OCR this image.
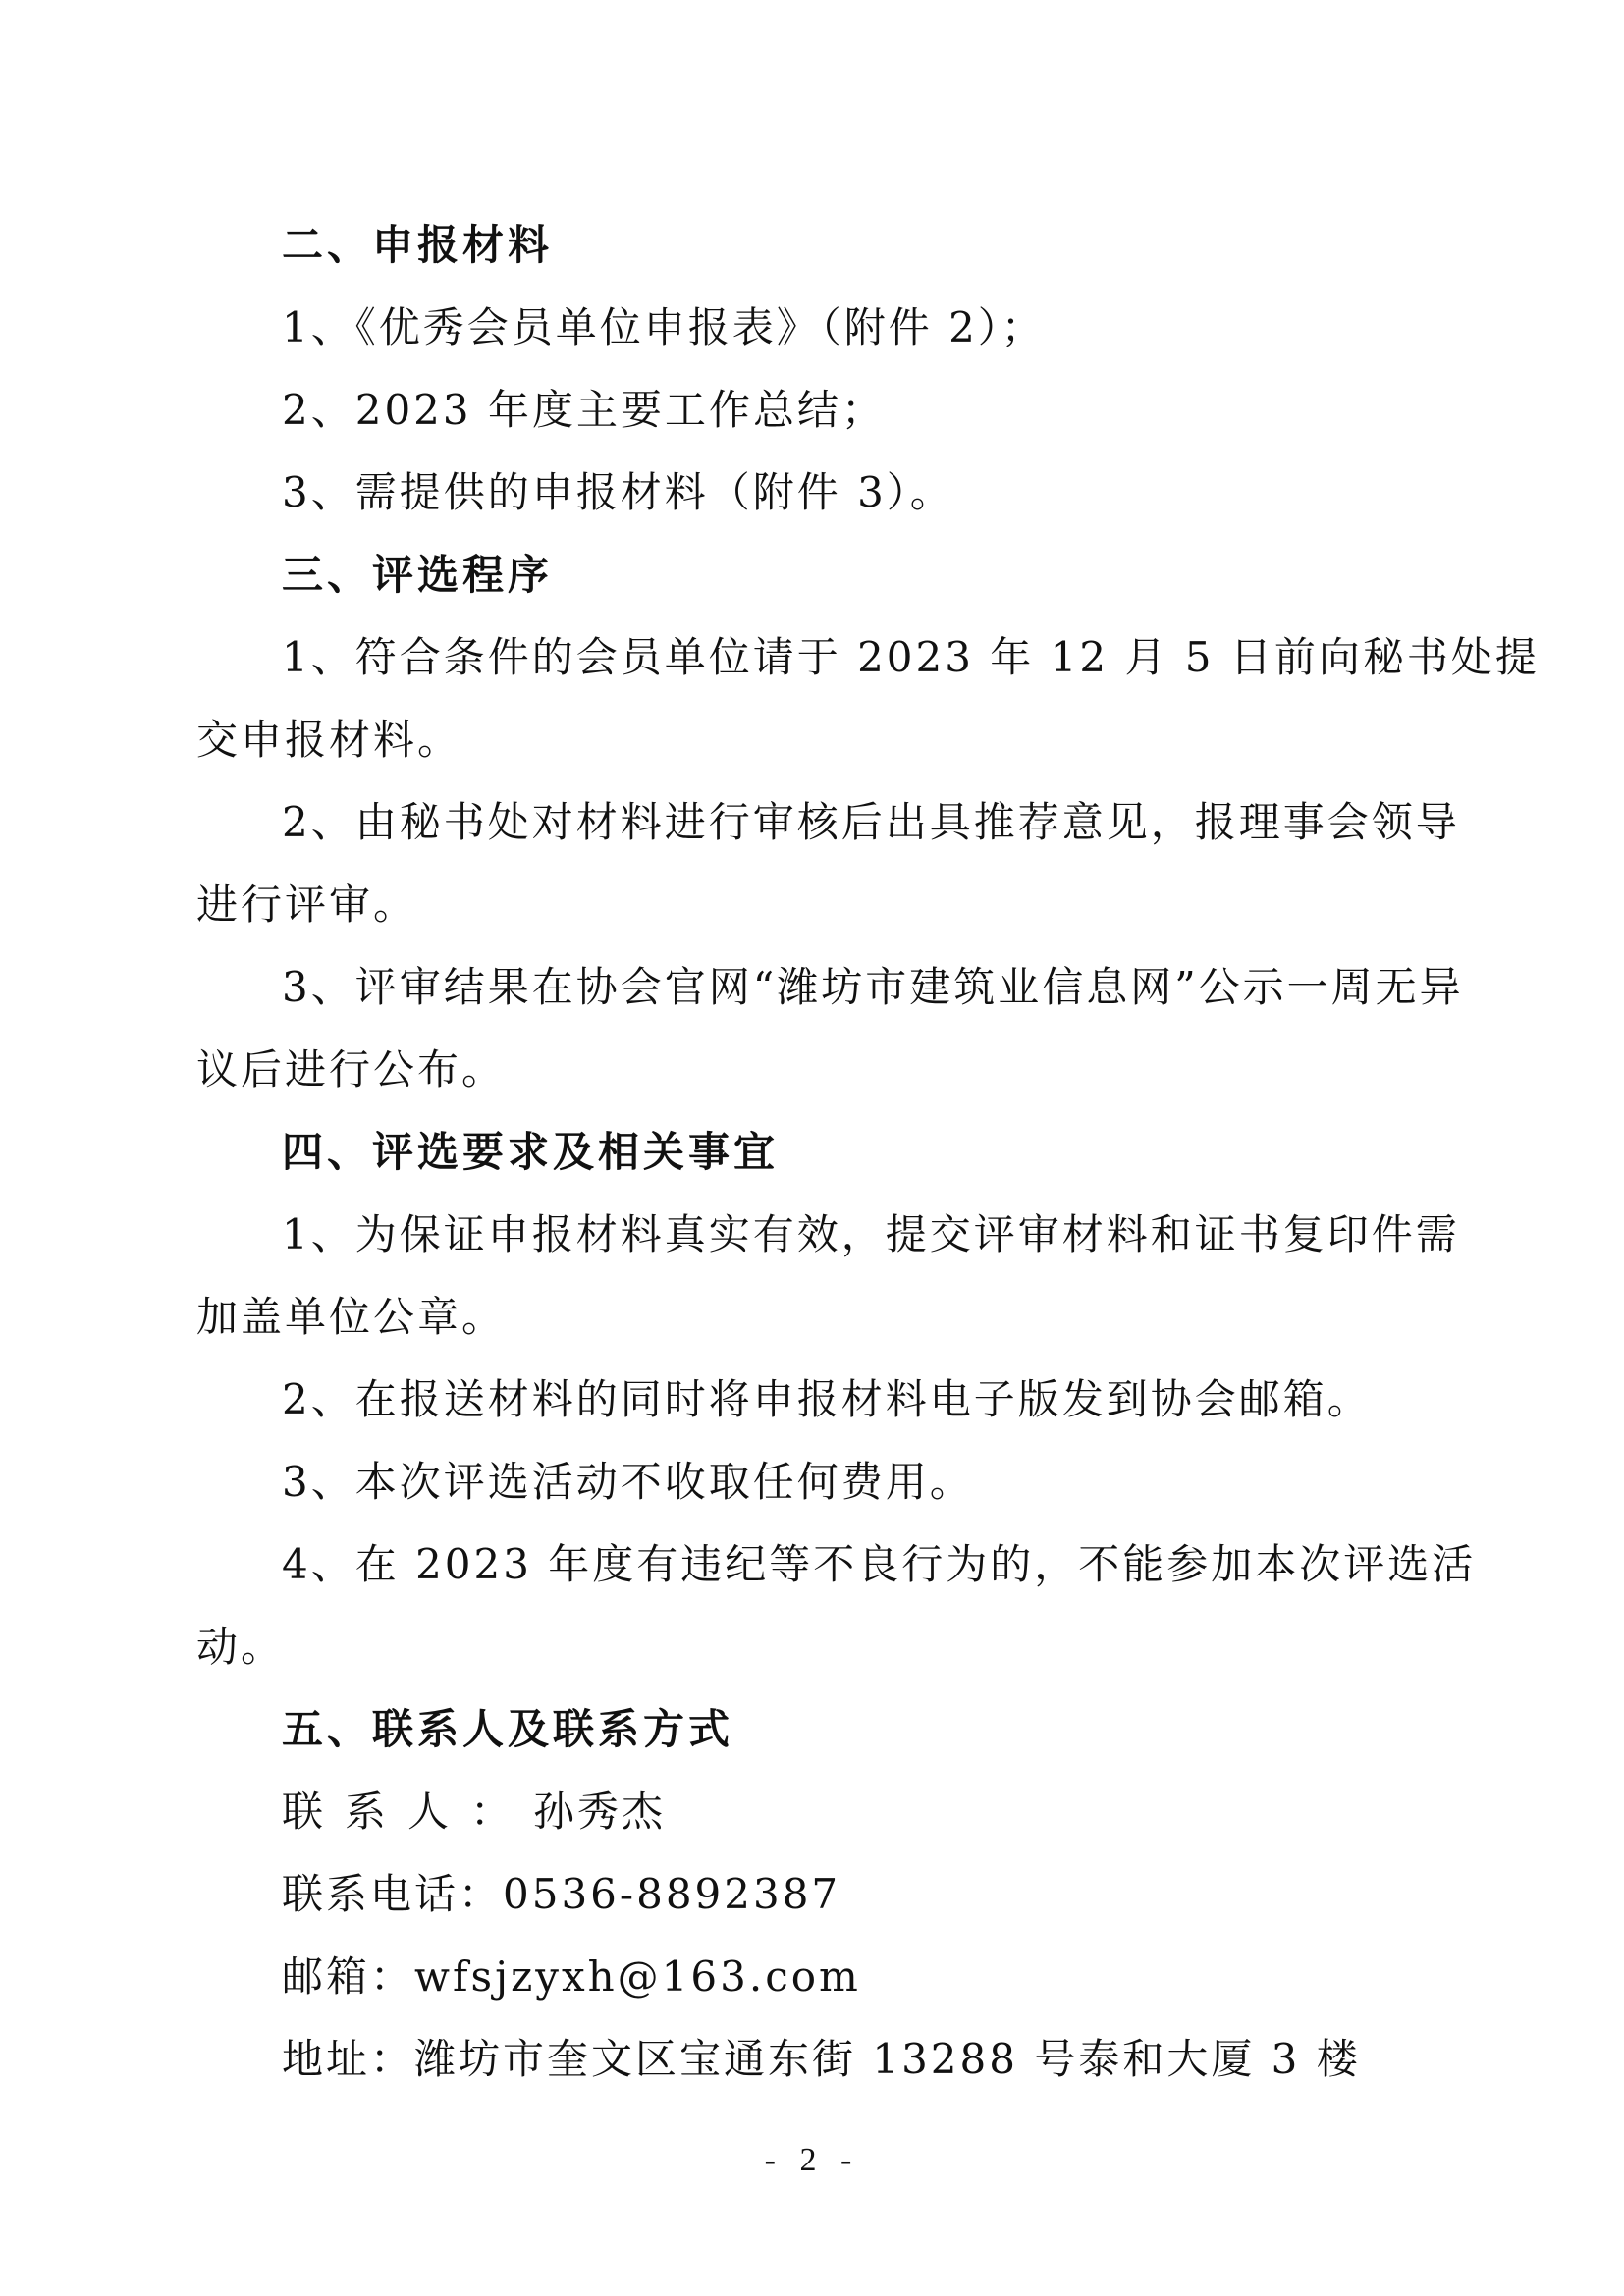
二、申报材料
1、《优秀会员单位申报表》（附件 2）；
2、2023 年度主要工作总结；
3、需提供的申报材料（附件 3）。
三、评选程序
1、符合条件的会员单位请于 2023 年 12 月 5 日前向秘书处提
交申报材料。
2、由秘书处对材料进行审核后出具推荐意见，报理事会领导
进行评审。
3、评审结果在协会官网“潍坊市建筑业信息网”公示一周无异
议后进行公布。
四、评选要求及相关事宜
1、为保证申报材料真实有效，提交评审材料和证书复印件需
加盖单位公章。
2、在报送材料的同时将申报材料电子版发到协会邮箱。
3、本次评选活动不收取任何费用。
4、在 2023 年度有违纪等不良行为的，不能参加本次评选活
动。
五、联系人及联系方式
联系人：孙秀杰
联系电话：0536-8892387
邮箱：wfsjzyxh@163.com
地址：潍坊市奎文区宝通东街 13288 号泰和大厦 3 楼
- 2 -
